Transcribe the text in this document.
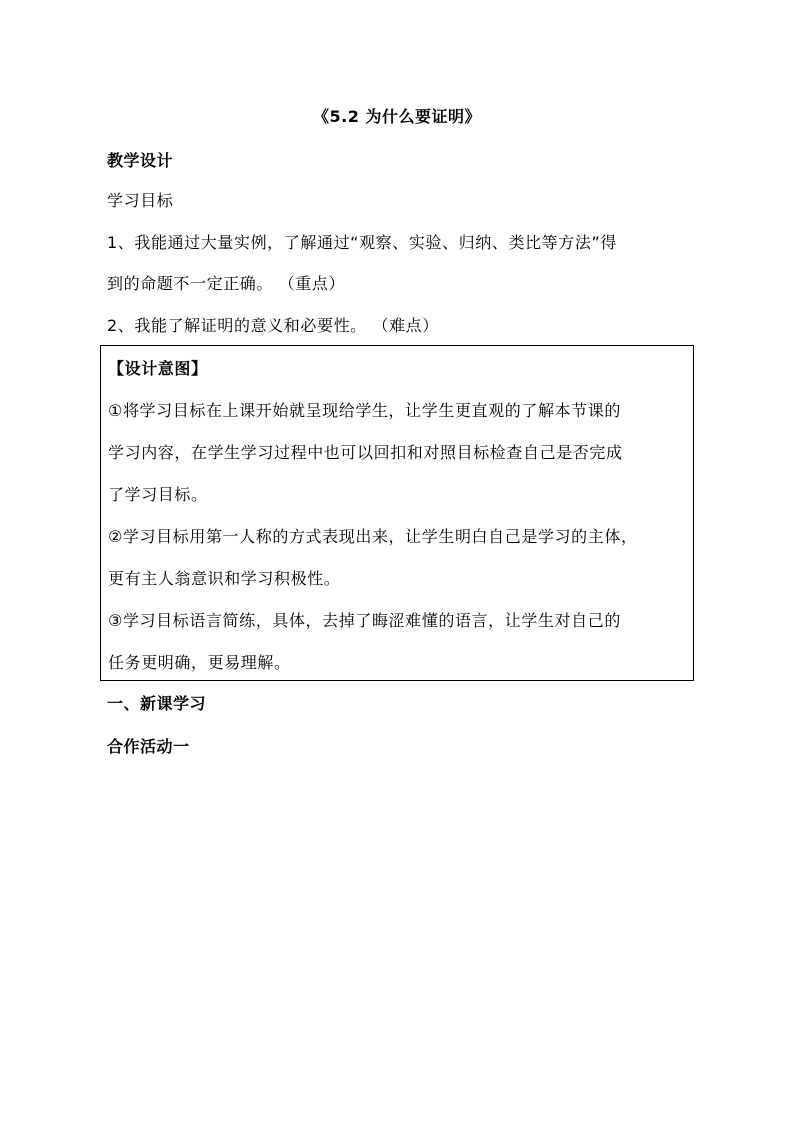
《5.2 为什么要证明》
教学设计
学习目标
1、我能通过大量实例，了解通过“观察、实验、归纳、类比等方法”得
到的命题不一定正确。 （重点）
2、我能了解证明的意义和必要性。 （难点）
【设计意图】
①将学习目标在上课开始就呈现给学生，让学生更直观的了解本节课的
学习内容，在学生学习过程中也可以回扣和对照目标检查自己是否完成
了学习目标。
②学习目标用第一人称的方式表现出来，让学生明白自己是学习的主体，
更有主人翁意识和学习积极性。
③学习目标语言简练，具体，去掉了晦涩难懂的语言，让学生对自己的
任务更明确，更易理解。
一、新课学习
合作活动一
